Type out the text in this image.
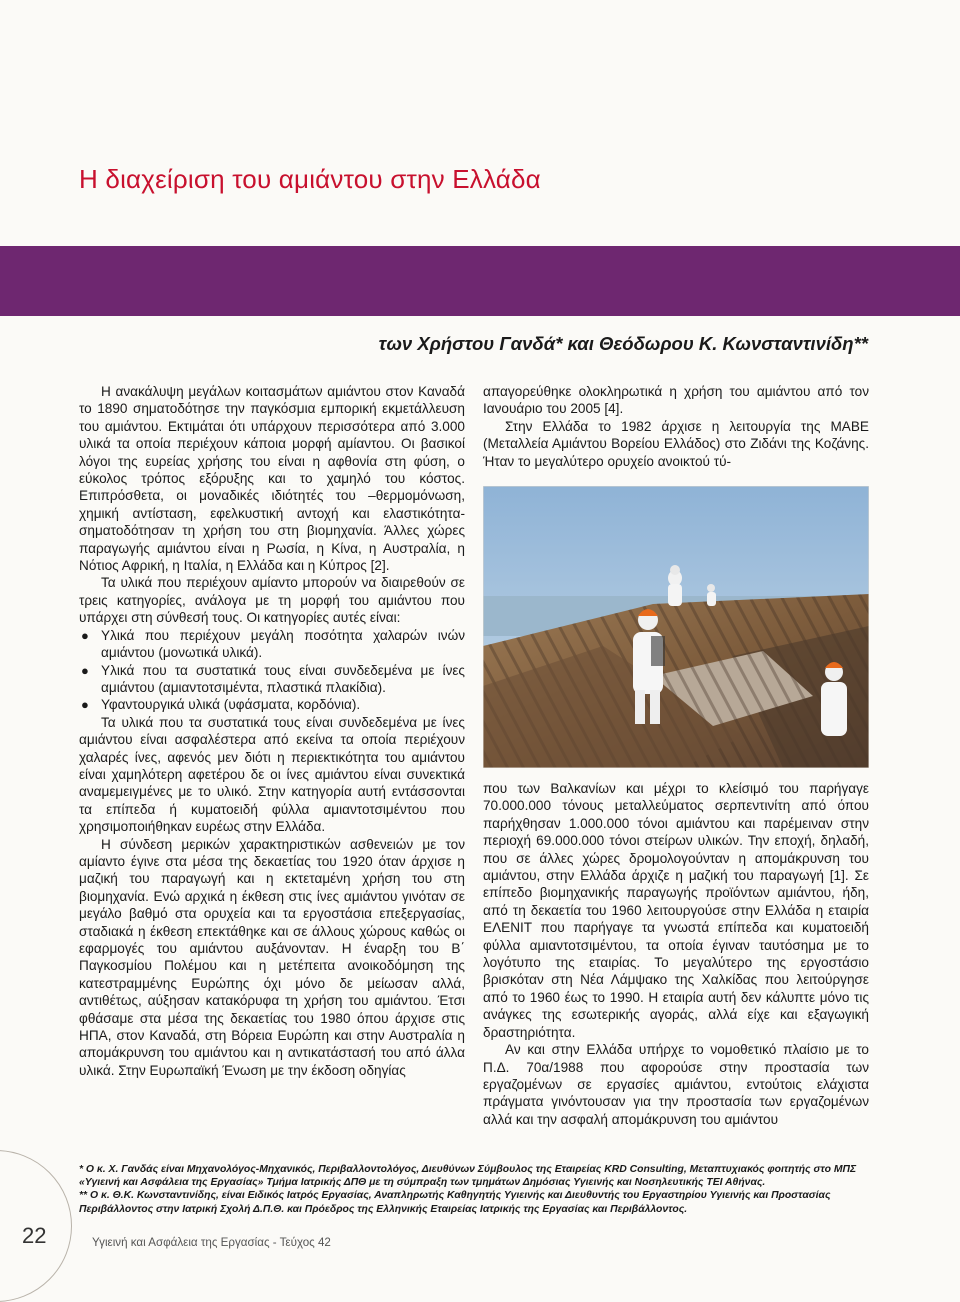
Η διαχείριση του αμιάντου στην Ελλάδα

των Χρήστου Γανδά* και Θεόδωρου Κ. Κωνσταντινίδη**

Η ανακάλυψη μεγάλων κοιτασμάτων αμιάντου στον Καναδά το 1890 σηματοδότησε την παγκόσμια εμπορική εκμετάλλευση του αμιάντου. Εκτιμάται ότι υπάρχουν περισσότερα από 3.000 υλικά τα οποία περιέχουν κάποια μορφή αμίαντου. Οι βασικοί λόγοι της ευρείας χρήσης του είναι η αφθονία στη φύση, ο εύκολος τρόπος εξόρυξης και το χαμηλό του κόστος. Επιπρόσθετα, οι μοναδικές ιδιότητές του –θερμομόνωση, χημική αντίσταση, εφελκυστική αντοχή και ελαστικότητα- σηματοδότησαν τη χρήση του στη βιομηχανία. Άλλες χώρες παραγωγής αμιάντου είναι η Ρωσία, η Κίνα, η Αυστραλία, η Νότιος Αφρική, η Ιταλία, η Ελλάδα και η Κύπρος [2].

Τα υλικά που περιέχουν αμίαντο μπορούν να διαιρεθούν σε τρεις κατηγορίες, ανάλογα με τη μορφή του αμιάντου που υπάρχει στη σύνθεσή τους. Οι κατηγορίες αυτές είναι:

● Υλικά που περιέχουν μεγάλη ποσότητα χαλαρών ινών αμιάντου (μονωτικά υλικά).
● Υλικά που τα συστατικά τους είναι συνδεδεμένα με ίνες αμιάντου (αμιαντοτσιμέντα, πλαστικά πλακίδια).
● Υφαντουργικά υλικά (υφάσματα, κορδόνια).

Τα υλικά που τα συστατικά τους είναι συνδεδεμένα με ίνες αμιάντου είναι ασφαλέστερα από εκείνα τα οποία περιέχουν χαλαρές ίνες, αφενός μεν διότι η περιεκτικότητα του αμιάντου είναι χαμηλότερη αφετέρου δε οι ίνες αμιάντου είναι συνεκτικά αναμεμειγμένες με το υλικό. Στην κατηγορία αυτή εντάσσονται τα επίπεδα ή κυματοειδή φύλλα αμιαντοτσιμέντου που χρησιμοποιήθηκαν ευρέως στην Ελλάδα.

Η σύνδεση μερικών χαρακτηριστικών ασθενειών με τον αμίαντο έγινε στα μέσα της δεκαετίας του 1920 όταν άρχισε η μαζική του παραγωγή και η εκτεταμένη χρήση του στη βιομηχανία. Ενώ αρχικά η έκθεση στις ίνες αμιάντου γινόταν σε μεγάλο βαθμό στα ορυχεία και τα εργοστάσια επεξεργασίας, σταδιακά η έκθεση επεκτάθηκε και σε άλλους χώρους καθώς οι εφαρμογές του αμιάντου αυξάνονταν. Η έναρξη του Β΄ Παγκοσμίου Πολέμου και η μετέπειτα ανοικοδόμηση της κατεστραμμένης Ευρώπης όχι μόνο δε μείωσαν αλλά, αντιθέτως, αύξησαν κατακόρυφα τη χρήση του αμιάντου. Έτσι φθάσαμε στα μέσα της δεκαετίας του 1980 όπου άρχισε στις ΗΠΑ, στον Καναδά, στη Βόρεια Ευρώπη και στην Αυστραλία η απομάκρυνση του αμιάντου και η αντικατάστασή του από άλλα υλικά. Στην Ευρωπαϊκή Ένωση με την έκδοση οδηγίας

απαγορεύθηκε ολοκληρωτικά η χρήση του αμιάντου από τον Ιανουάριο του 2005 [4].

Στην Ελλάδα το 1982 άρχισε η λειτουργία της ΜΑΒΕ (Μεταλλεία Αμιάντου Βορείου Ελλάδος) στο Ζιδάνι της Κοζάνης. Ήταν το μεγαλύτερο ορυχείο ανοικτού τύ-

που των Βαλκανίων και μέχρι το κλείσιμό του παρήγαγε 70.000.000 τόνους μεταλλεύματος σερπεντινίτη από όπου παρήχθησαν 1.000.000 τόνοι αμιάντου και παρέμειναν στην περιοχή 69.000.000 τόνοι στείρων υλικών. Την εποχή, δηλαδή, που σε άλλες χώρες δρομολογούνταν η απομάκρυνση του αμιάντου, στην Ελλάδα άρχιζε η μαζική του παραγωγή [1]. Σε επίπεδο βιομηχανικής παραγωγής προϊόντων αμιάντου, ήδη, από τη δεκαετία του 1960 λειτουργούσε στην Ελλάδα η εταιρία ΕΛΕΝΙΤ που παρήγαγε τα γνωστά επίπεδα και κυματοειδή φύλλα αμιαντοτσιμέντου, τα οποία έγιναν ταυτόσημα με το λογότυπο της εταιρίας. Το μεγαλύτερο της εργοστάσιο βρισκόταν στη Νέα Λάμψακο της Χαλκίδας που λειτούργησε από το 1960 έως το 1990. Η εταιρία αυτή δεν κάλυπτε μόνο τις ανάγκες της εσωτερικής αγοράς, αλλά είχε και εξαγωγική δραστηριότητα.

Αν και στην Ελλάδα υπήρχε το νομοθετικό πλαίσιο με το Π.Δ. 70α/1988 που αφορούσε στην προστασία των εργαζομένων σε εργασίες αμιάντου, εντούτοις ελάχιστα πράγματα γινόντουσαν για την προστασία των εργαζομένων αλλά και την ασφαλή απομάκρυνση του αμιάντου

* O κ. Χ. Γανδάς είναι Μηχανολόγος-Μηχανικός, Περιβαλλοντολόγος, Διευθύνων Σύμβουλος της Εταιρείας KRD Consulting, Μεταπτυχιακός φοιτητής στο ΜΠΣ «Υγιεινή και Ασφάλεια της Εργασίας» Τμήμα Ιατρικής ΔΠΘ με τη σύμπραξη των τμημάτων Δημόσιας Υγιεινής και Νοσηλευτικής ΤΕΙ Αθήνας.

** O κ. Θ.Κ. Κωνσταντινίδης, είναι Ειδικός Ιατρός Εργασίας, Αναπληρωτής Καθηγητής Υγιεινής και Διευθυντής του Εργαστηρίου Υγιεινής και Προστασίας Περιβάλλοντος στην Ιατρική Σχολή Δ.Π.Θ. και Πρόεδρος της Ελληνικής Εταιρείας Ιατρικής της Εργασίας και Περιβάλλοντος.

22	Υγιεινή και Ασφάλεια της Εργασίας - Τεύχος 42
